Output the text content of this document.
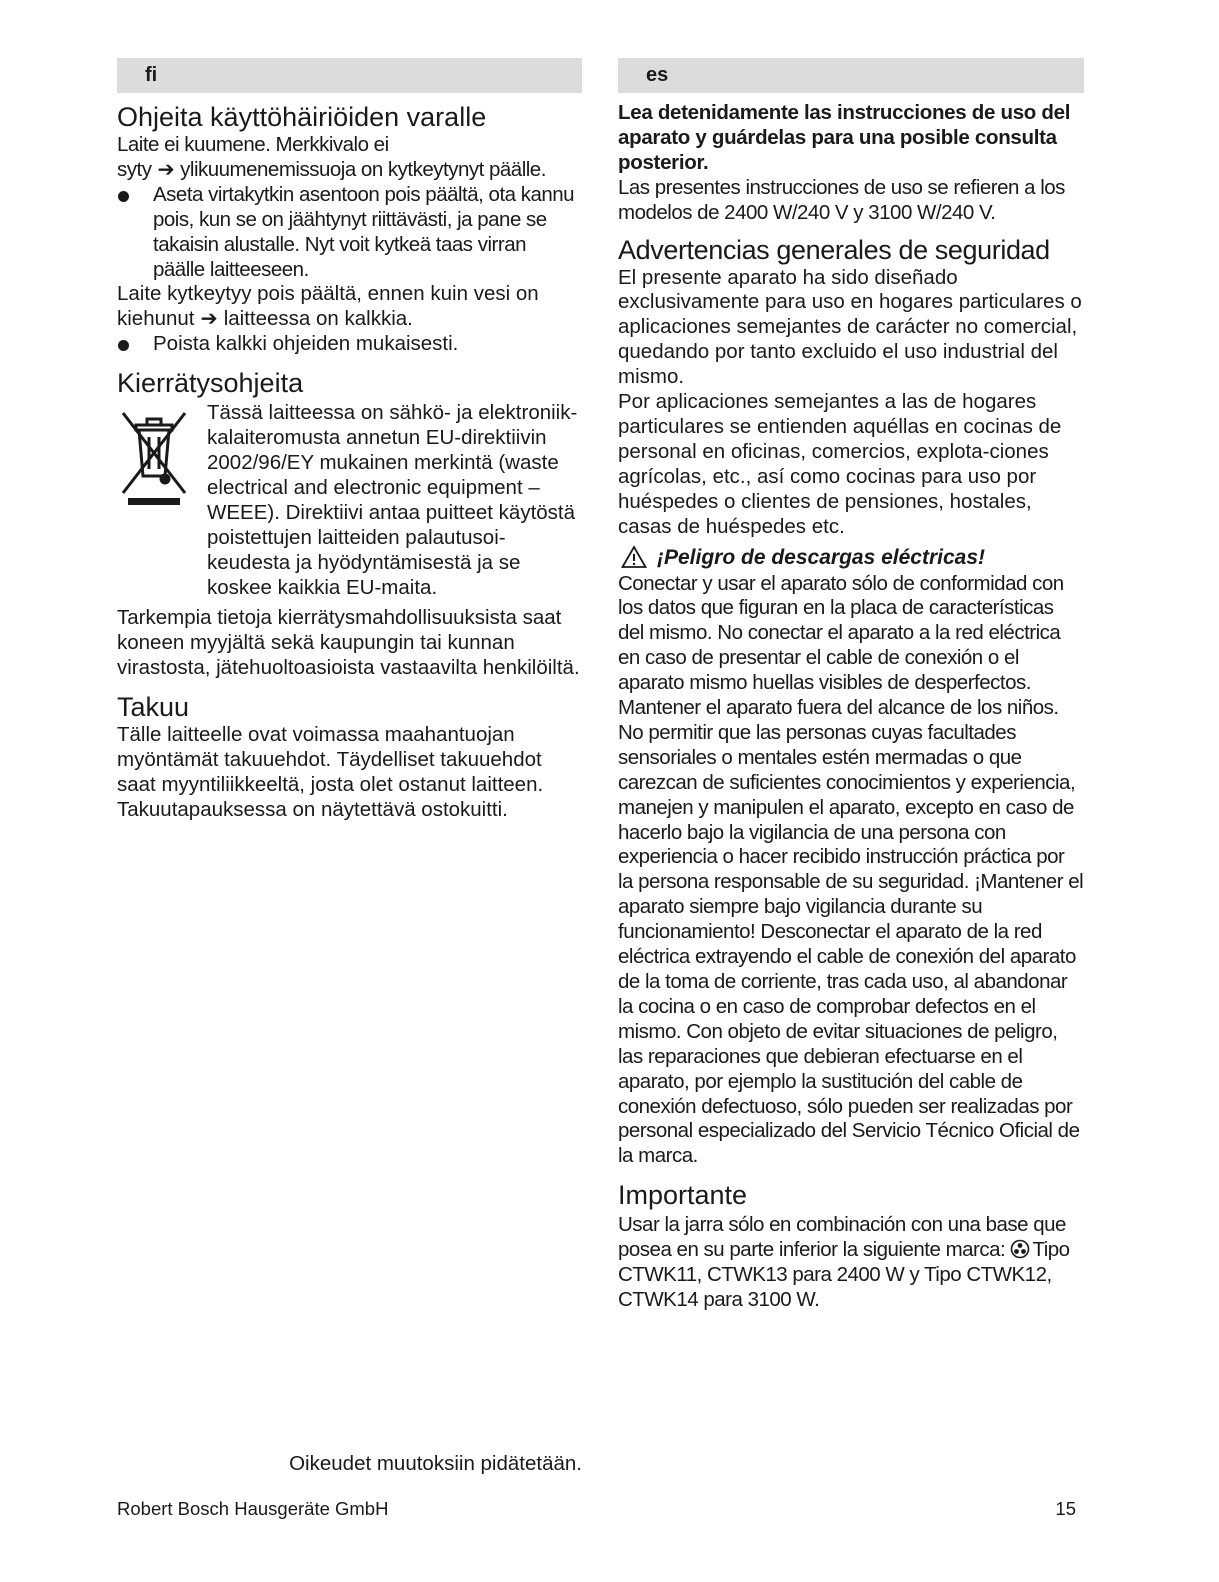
fi
Ohjeita käyttöhäiriöiden varalle

Laite ei kuumene. Merkkivalo ei syty ➔ ylikuumenemissuoja on kytkeytynyt päälle.

Aseta virtakytkin asentoon pois päältä, ota kannu pois, kun se on jäähtynyt riittävästi, ja pane se takaisin alustalle. Nyt voit kytkeä taas virran päälle laitteeseen.

Laite kytkeytyy pois päältä, ennen kuin vesi on kiehunut ➔ laitteessa on kalkkia.

Poista kalkki ohjeiden mukaisesti.
Kierrätysohjeita
Tässä laitteessa on sähkö- ja elektroniik-kalaiteromusta annetun EU-direktiivin 2002/96/EY mukainen merkintä (waste electrical and electronic equipment – WEEE). Direktiivi antaa puitteet käytöstä poistettujen laitteiden palautusoi-keudesta ja hyödyntämisestä ja se koskee kaikkia EU-maita.

Tarkempia tietoja kierrätysmahdollisuuksista saat koneen myyjältä sekä kaupungin tai kunnan virastosta, jätehuoltoasioista vastaavilta henkilöiltä.

Takuu

Tälle laitteelle ovat voimassa maahantuojan myöntämät takuuehdot. Täydelliset takuuehdot saat myyntiliikkeeltä, josta olet ostanut laitteen. Takuutapauksessa on näytettävä ostokuitti.

Oikeudet muutoksiin pidätetään.
es

Lea detenidamente las instrucciones de uso del aparato y guárdelas para una posible consulta posterior.

Las presentes instrucciones de uso se refieren a los modelos de 2400 W/240 V y 3100 W/240 V.

Advertencias generales de seguridad

El presente aparato ha sido diseñado exclusivamente para uso en hogares particulares o aplicaciones semejantes de carácter no comercial, quedando por tanto excluido el uso industrial del mismo.

Por aplicaciones semejantes a las de hogares particulares se entienden aquéllas en cocinas de personal en oficinas, comercios, explota-ciones agrícolas, etc., así como cocinas para uso por huéspedes o clientes de pensiones, hostales, casas de huéspedes etc.

¡Peligro de descargas eléctricas!

Conectar y usar el aparato sólo de conformidad con los datos que figuran en la placa de características del mismo. No conectar el aparato a la red eléctrica en caso de presentar el cable de conexión o el aparato mismo huellas visibles de desperfectos. Mantener el aparato fuera del alcance de los niños. No permitir que las personas cuyas facultades sensoriales o mentales estén mermadas o que carezcan de suficientes conocimientos y experiencia, manejen y manipulen el aparato, excepto en caso de hacerlo bajo la vigilancia de una persona con experiencia o hacer recibido instrucción práctica por la persona responsable de su seguridad. ¡Mantener el aparato siempre bajo vigilancia durante su funcionamiento! Desconectar el aparato de la red eléctrica extrayendo el cable de conexión del aparato de la toma de corriente, tras cada uso, al abandonar la cocina o en caso de comprobar defectos en el mismo. Con objeto de evitar situaciones de peligro, las reparaciones que debieran efectuarse en el aparato, por ejemplo la sustitución del cable de conexión defectuoso, sólo pueden ser realizadas por personal especializado del Servicio Técnico Oficial de la marca.

Importante

Usar la jarra sólo en combinación con una base que posea en su parte inferior la siguiente marca: Tipo CTWK11, CTWK13 para 2400 W y Tipo CTWK12, CTWK14 para 3100 W.

Robert Bosch Hausgeräte GmbH	15
